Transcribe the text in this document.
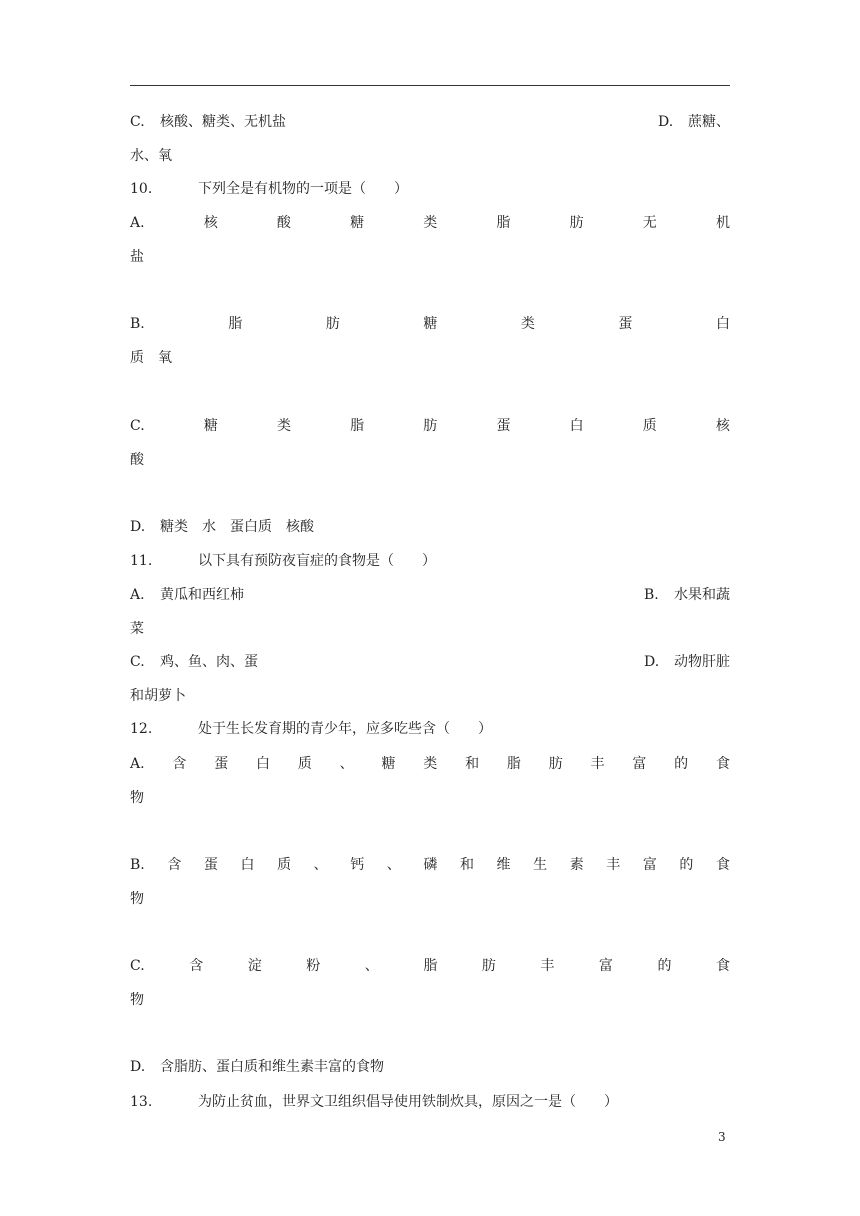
C. 核酸、糖类、无机盐	D. 蔗糖、
水、氧
10.	下列全是有机物的一项是（　　）
A.	核	酸	糖	类	脂	肪	无	机
盐
B.	脂	肪	糖	类	蛋	白
质　氧
C.	糖	类	脂	肪	蛋	白	质	核
酸
D. 糖类　水　蛋白质　核酸
11.	以下具有预防夜盲症的食物是（　　）
A. 黄瓜和西红柿	B. 水果和蔬
菜
C. 鸡、鱼、肉、蛋	D. 动物肝脏
和胡萝卜
12.	处于生长发育期的青少年，应多吃些含（　　）
A. 含 蛋 白 质 、 糖 类 和 脂 肪 丰 富 的 食
物
B. 含 蛋 白 质 、 钙 、 磷 和 维 生 素 丰 富 的 食
物
C.	含	淀	粉	、	脂	肪	丰	富	的	食
物
D. 含脂肪、蛋白质和维生素丰富的食物
13.	为防止贫血，世界文卫组织倡导使用铁制炊具，原因之一是（　　）
3
